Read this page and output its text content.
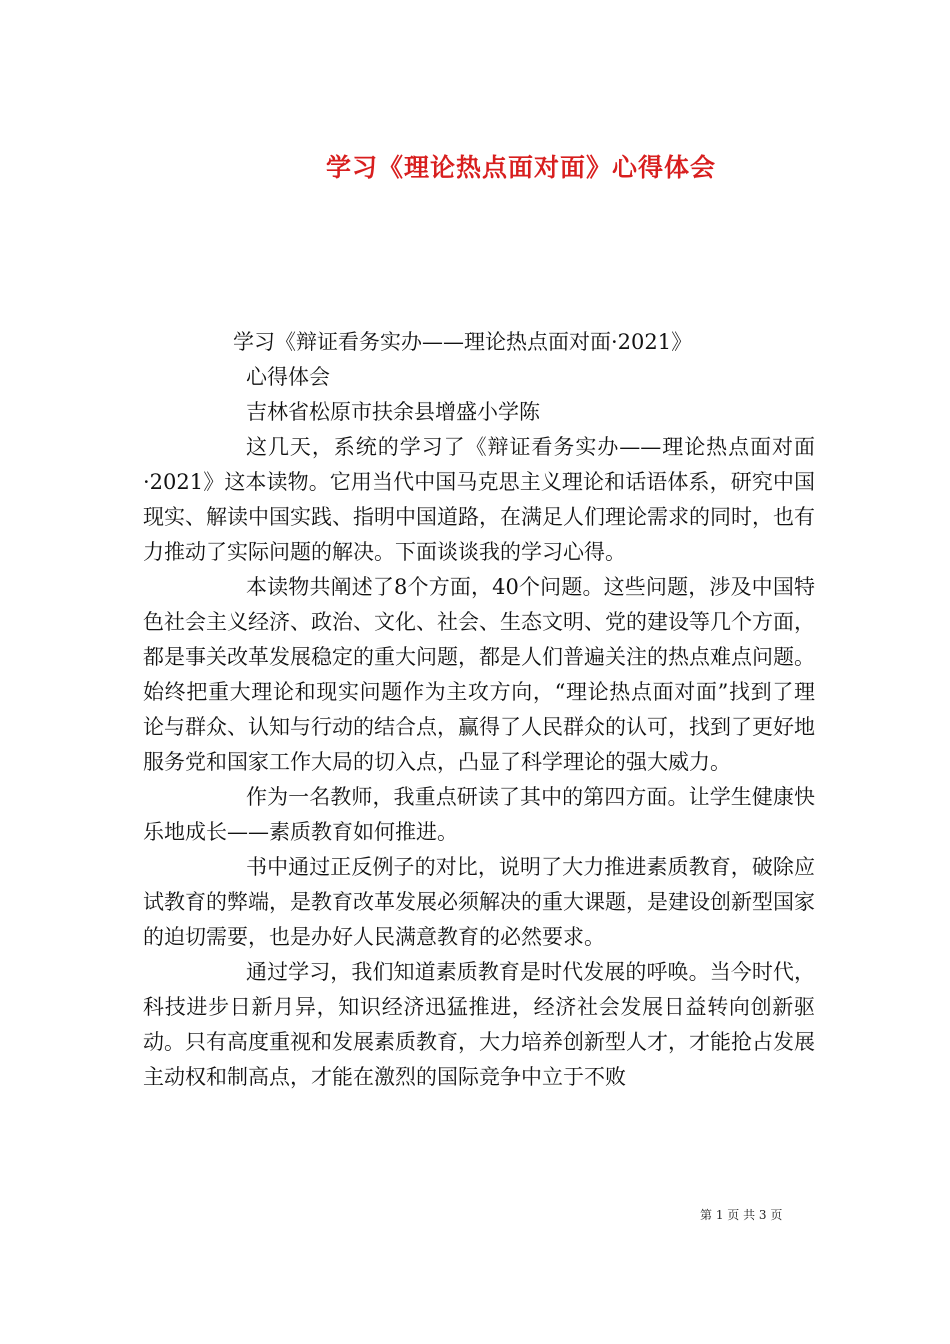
学习《理论热点面对面》心得体会

学习《辩证看务实办——理论热点面对面·2021》

心得体会

吉林省松原市扶余县增盛小学陈

这几天，系统的学习了《辩证看务实办——理论热点面对面·2021》这本读物。它用当代中国马克思主义理论和话语体系，研究中国现实、解读中国实践、指明中国道路，在满足人们理论需求的同时，也有力推动了实际问题的解决。下面谈谈我的学习心得。

本读物共阐述了8个方面，40个问题。这些问题，涉及中国特色社会主义经济、政治、文化、社会、生态文明、党的建设等几个方面，都是事关改革发展稳定的重大问题，都是人们普遍关注的热点难点问题。始终把重大理论和现实问题作为主攻方向，“理论热点面对面”找到了理论与群众、认知与行动的结合点，赢得了人民群众的认可，找到了更好地服务党和国家工作大局的切入点，凸显了科学理论的强大威力。

作为一名教师，我重点研读了其中的第四方面。让学生健康快乐地成长——素质教育如何推进。

书中通过正反例子的对比，说明了大力推进素质教育，破除应试教育的弊端，是教育改革发展必须解决的重大课题，是建设创新型国家的迫切需要，也是办好人民满意教育的必然要求。

通过学习，我们知道素质教育是时代发展的呼唤。当今时代，科技进步日新月异，知识经济迅猛推进，经济社会发展日益转向创新驱动。只有高度重视和发展素质教育，大力培养创新型人才，才能抢占发展主动权和制高点，才能在激烈的国际竞争中立于不败

第 1 页 共 3 页
